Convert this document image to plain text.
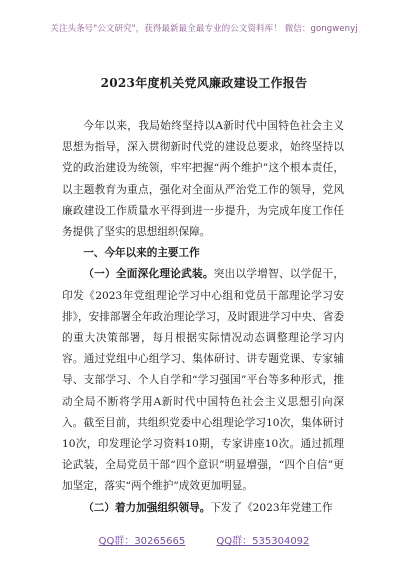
关注头条号"公文研究"，获得最新最全最专业的公文资料库！ 微信：gongwenyj
2023年度机关党风廉政建设工作报告

今年以来，我局始终坚持以A新时代中国特色社会主义思想为指导，深入贯彻新时代党的建设总要求，始终坚持以党的政治建设为统领，牢牢把握“两个维护”这个根本责任，以主题教育为重点，强化对全面从严治党工作的领导，党风廉政建设工作质量水平得到进一步提升，为完成年度工作任务提供了坚实的思想组织保障。

一、今年以来的主要工作

（一）全面深化理论武装。突出以学增智、以学促干，印发《2023年党组理论学习中心组和党员干部理论学习安排》，安排部署全年政治理论学习，及时跟进学习中央、省委的重大决策部署，每月根据实际情况动态调整理论学习内容。通过党组中心组学习、集体研讨、讲专题党课、专家辅导、支部学习、个人自学和“学习强国”平台等多种形式，推动全局不断将学用A新时代中国特色社会主义思想引向深入。截至目前，共组织党委中心组理论学习10次，集体研讨10次，印发理论学习资料10期，专家讲座10次。通过抓理论武装，全局党员干部“四个意识”明显增强，“四个自信”更加坚定，落实“两个维护”成效更加明显。

（二）着力加强组织领导。下发了《2023年党建工作

QQ群：30265665	QQ群：535304092
